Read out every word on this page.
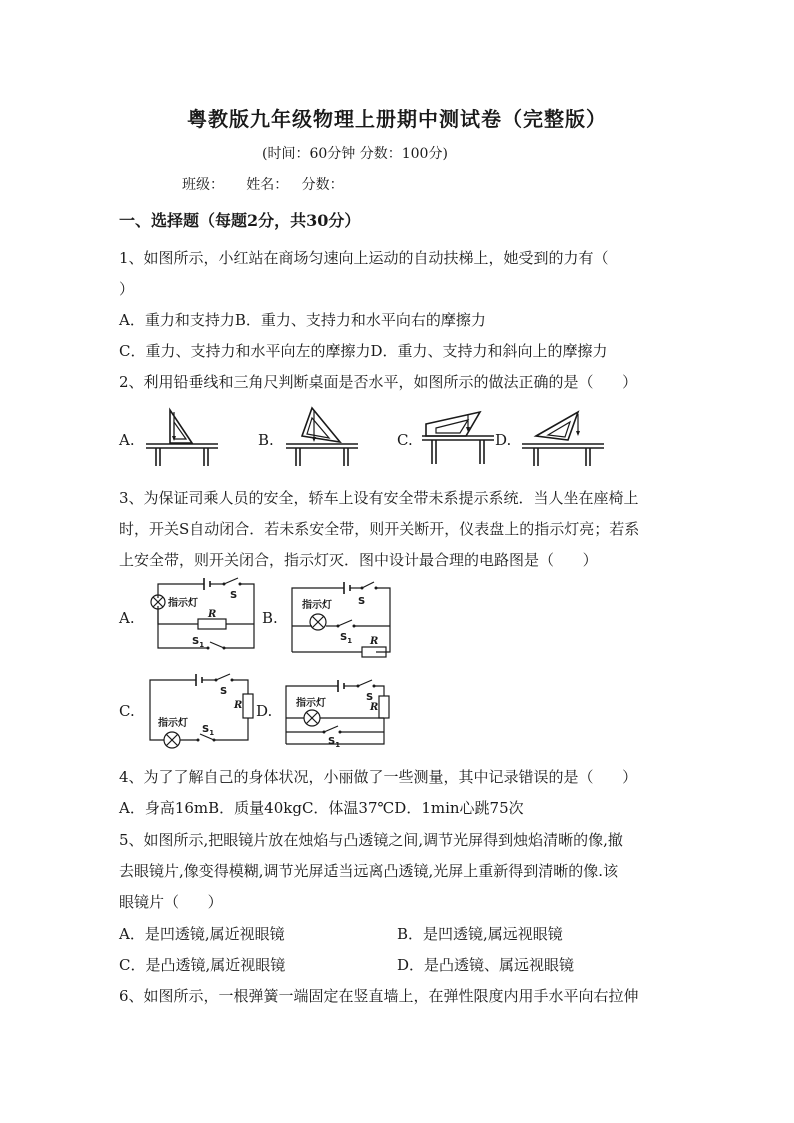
粤教版九年级物理上册期中测试卷（完整版）
(时间：60分钟 分数：100分)
班级：     姓名：   分数：
一、选择题（每题2分，共30分）
1、如图所示，小红站在商场匀速向上运动的自动扶梯上，她受到的力有（
）
A．重力和支持力B．重力、支持力和水平向右的摩擦力
C．重力、支持力和水平向左的摩擦力D．重力、支持力和斜向上的摩擦力
2、利用铅垂线和三角尺判断桌面是否水平，如图所示的做法正确的是（      ）
A.	B.	C.	D.
3、为保证司乘人员的安全，轿车上设有安全带未系提示系统．当人坐在座椅上
时，开关S自动闭合．若未系安全带，则开关断开，仪表盘上的指示灯亮；若系
上安全带，则开关闭合，指示灯灭．图中设计最合理的电路图是（      ）
A.	B.
C.	D.
指示灯
S
R
$S_1$
指示灯	S
R
$S_1$
指示灯
S
R
$S_1$
指示灯
S
R
$S_1$
4、为了了解自己的身体状况，小丽做了一些测量，其中记录错误的是（      ）
A．身高16mB．质量40kgC．体温37℃D．1min心跳75次
5、如图所示,把眼镜片放在烛焰与凸透镜之间,调节光屏得到烛焰清晰的像,撤
去眼镜片,像变得模糊,调节光屏适当远离凸透镜,光屏上重新得到清晰的像.该
眼镜片（      ）
A．是凹透镜,属近视眼镜	B．是凹透镜,属远视眼镜
C．是凸透镜,属近视眼镜	D．是凸透镜、属远视眼镜
6、如图所示，一根弹簧一端固定在竖直墙上，在弹性限度内用手水平向右拉伸
